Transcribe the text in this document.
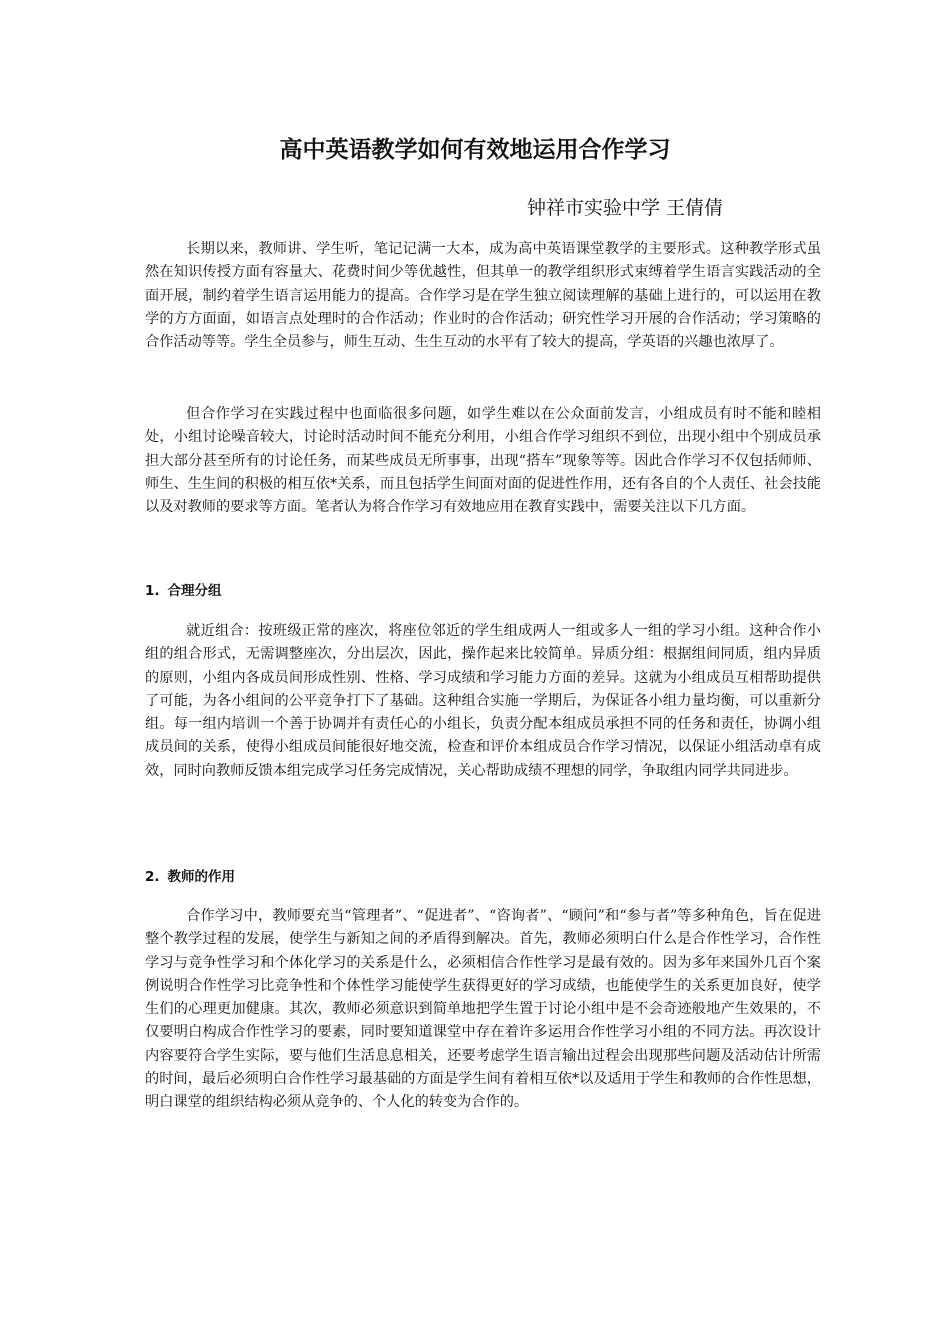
高中英语教学如何有效地运用合作学习

钟祥市实验中学 王倩倩

长期以来，教师讲、学生听，笔记记满一大本，成为高中英语课堂教学的主要形式。这种教学形式虽然在知识传授方面有容量大、花费时间少等优越性，但其单一的教学组织形式束缚着学生语言实践活动的全面开展，制约着学生语言运用能力的提高。合作学习是在学生独立阅读理解的基础上进行的，可以运用在教学的方方面面，如语言点处理时的合作活动；作业时的合作活动；研究性学习开展的合作活动；学习策略的合作活动等等。学生全员参与，师生互动、生生互动的水平有了较大的提高，学英语的兴趣也浓厚了。

但合作学习在实践过程中也面临很多问题，如学生难以在公众面前发言，小组成员有时不能和睦相处，小组讨论噪音较大，讨论时活动时间不能充分利用，小组合作学习组织不到位，出现小组中个别成员承担大部分甚至所有的讨论任务，而某些成员无所事事，出现“搭车”现象等等。因此合作学习不仅包括师师、师生、生生间的积极的相互依*关系，而且包括学生间面对面的促进性作用，还有各自的个人责任、社会技能以及对教师的要求等方面。笔者认为将合作学习有效地应用在教育实践中，需要关注以下几方面。

1. 合理分组

就近组合：按班级正常的座次，将座位邻近的学生组成两人一组或多人一组的学习小组。这种合作小组的组合形式，无需调整座次，分出层次，因此，操作起来比较简单。异质分组：根据组间同质，组内异质的原则，小组内各成员间形成性别、性格、学习成绩和学习能力方面的差异。这就为小组成员互相帮助提供了可能，为各小组间的公平竞争打下了基础。这种组合实施一学期后，为保证各小组力量均衡，可以重新分组。每一组内培训一个善于协调并有责任心的小组长，负责分配本组成员承担不同的任务和责任，协调小组成员间的关系，使得小组成员间能很好地交流，检查和评价本组成员合作学习情况，以保证小组活动卓有成效，同时向教师反馈本组完成学习任务完成情况，关心帮助成绩不理想的同学，争取组内同学共同进步。

2. 教师的作用

合作学习中，教师要充当“管理者”、“促进者”、“咨询者”、“顾问”和“参与者”等多种角色，旨在促进整个教学过程的发展，使学生与新知之间的矛盾得到解决。首先，教师必须明白什么是合作性学习，合作性学习与竞争性学习和个体化学习的关系是什么，必须相信合作性学习是最有效的。因为多年来国外几百个案例说明合作性学习比竞争性和个体性学习能使学生获得更好的学习成绩，也能使学生的关系更加良好，使学生们的心理更加健康。其次，教师必须意识到简单地把学生置于讨论小组中是不会奇迹般地产生效果的，不仅要明白构成合作性学习的要素，同时要知道课堂中存在着许多运用合作性学习小组的不同方法。再次设计内容要符合学生实际，要与他们生活息息相关，还要考虑学生语言输出过程会出现那些问题及活动估计所需的时间，最后必须明白合作性学习最基础的方面是学生间有着相互依*以及适用于学生和教师的合作性思想，明白课堂的组织结构必须从竞争的、个人化的转变为合作的。
